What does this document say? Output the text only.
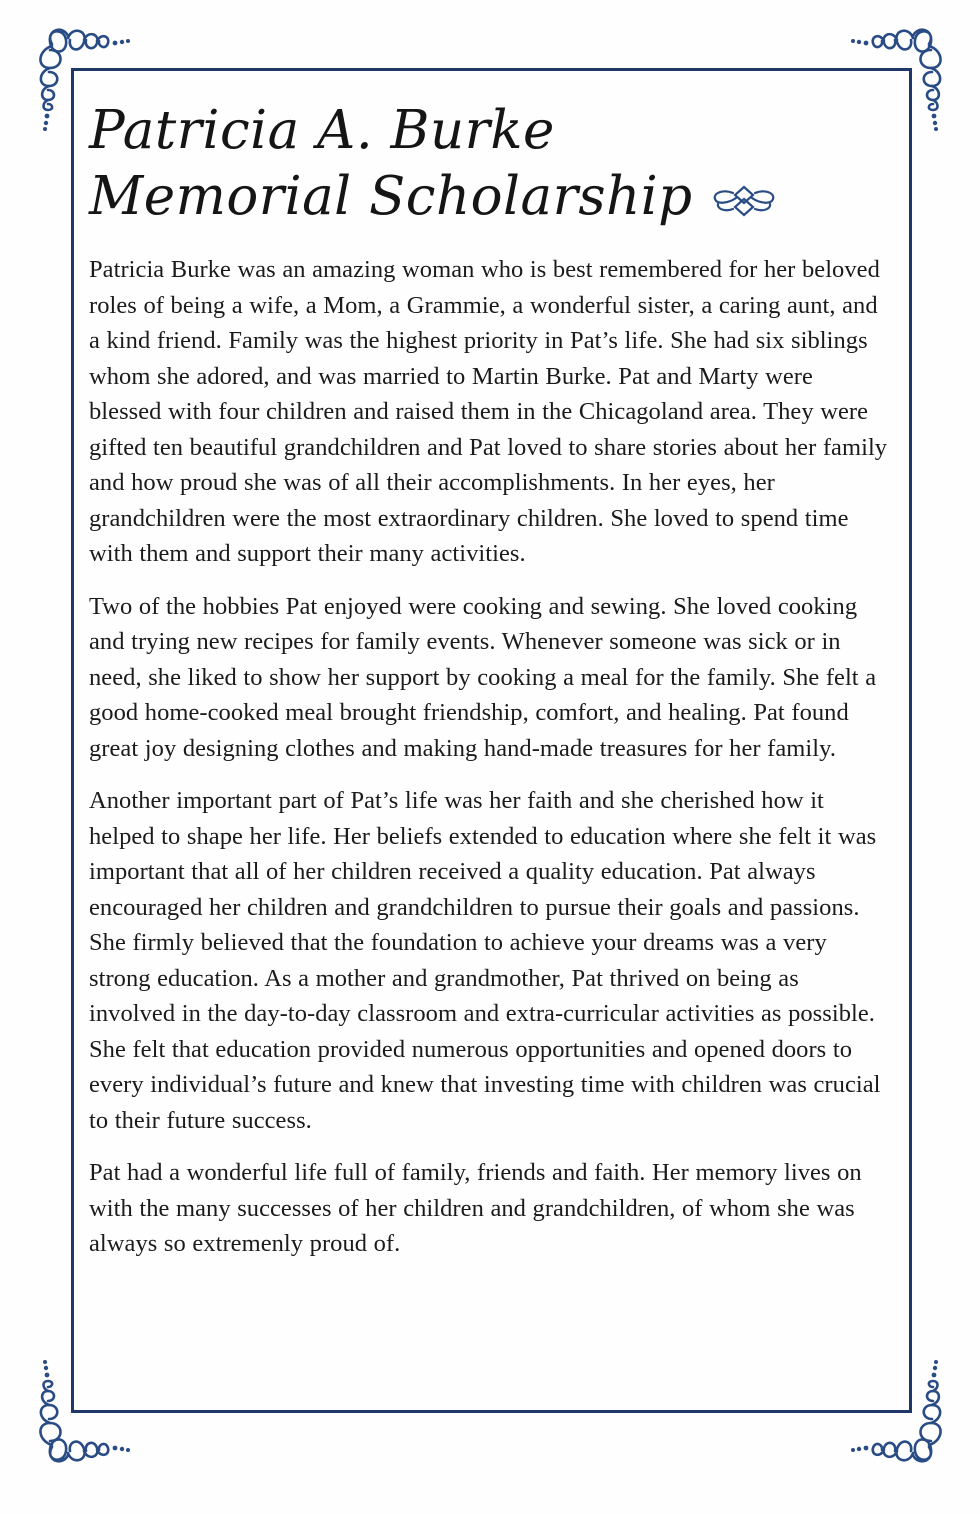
Patricia A. Burke
Memorial Scholarship

Patricia Burke was an amazing woman who is best remembered for her beloved roles of being a wife, a Mom, a Grammie, a wonderful sister, a caring aunt, and a kind friend. Family was the highest priority in Pat’s life. She had six siblings whom she adored, and was married to Martin Burke. Pat and Marty were blessed with four children and raised them in the Chicagoland area. They were gifted ten beautiful grandchildren and Pat loved to share stories about her family and how proud she was of all their accomplishments. In her eyes, her grandchildren were the most extraordinary children. She loved to spend time with them and support their many activities.

Two of the hobbies Pat enjoyed were cooking and sewing. She loved cooking and trying new recipes for family events. Whenever someone was sick or in need, she liked to show her support by cooking a meal for the family. She felt a good home-cooked meal brought friendship, comfort, and healing. Pat found great joy designing clothes and making hand-made treasures for her family.

Another important part of Pat’s life was her faith and she cherished how it helped to shape her life. Her beliefs extended to education where she felt it was important that all of her children received a quality education. Pat always encouraged her children and grandchildren to pursue their goals and passions. She firmly believed that the foundation to achieve your dreams was a very strong education. As a mother and grandmother, Pat thrived on being as involved in the day-to-day classroom and extra-curricular activities as possible. She felt that education provided numerous opportunities and opened doors to every individual’s future and knew that investing time with children was crucial to their future success.

Pat had a wonderful life full of family, friends and faith. Her memory lives on with the many successes of her children and grandchildren, of whom she was always so extremenly proud of.
